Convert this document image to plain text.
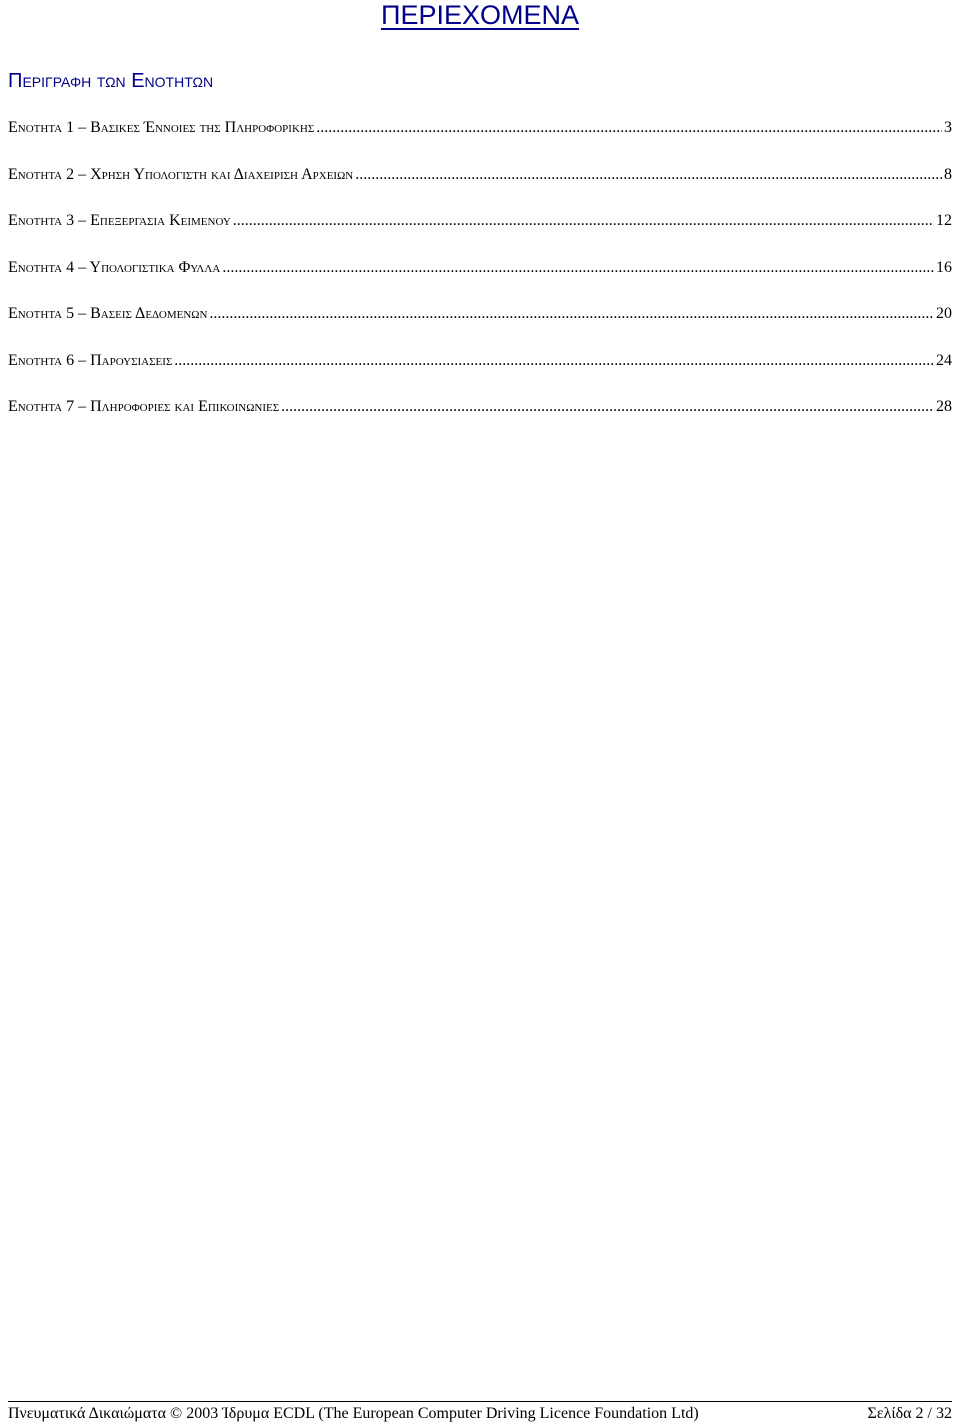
ΠΕΡΙΕΧΟΜΕΝΑ
Περιγραφη των Ενοτητων
Ενοτητα 1 – Βασικες Έννοιες της Πληροφορικης .....	3
Ενοτητα 2 – Χρηση Υπολογιστη και Διαχειριση Αρχειων .....	8
Ενοτητα 3 – Επεξεργασια Κειμενου .....	12
Ενοτητα 4 – Υπολογιστικα Φυλλα .....	16
Ενοτητα 5 – Βασεις Δεδομενων .....	20
Ενοτητα 6 – Παρουσιασεις .....	24
Ενοτητα 7 – Πληροφοριες και Επικοινωνιες .....	28
Πνευματικά Δικαιώματα © 2003 Ίδρυμα ECDL (The European Computer Driving Licence Foundation Ltd)	Σελίδα 2 / 32
